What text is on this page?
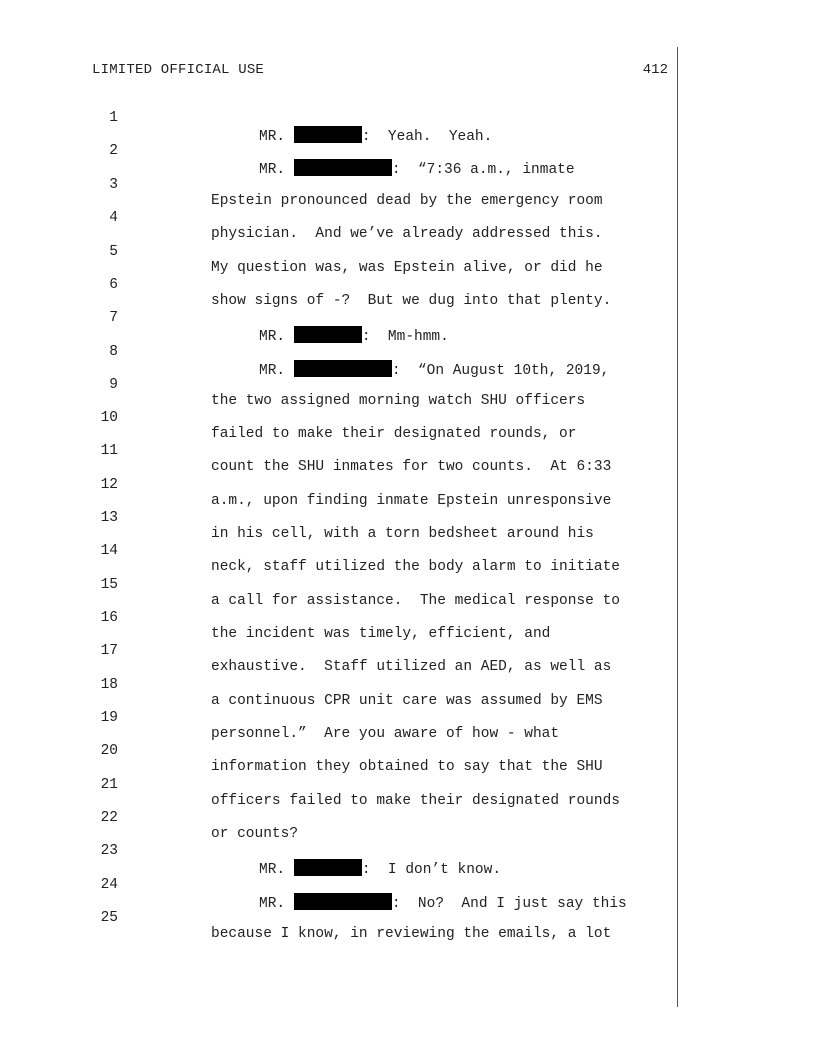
LIMITED OFFICIAL USE	412

1

MR.	:  Yeah.  Yeah.

2

MR.	:  “7:36 a.m., inmate

3

Epstein pronounced dead by the emergency room

4

physician.  And we’ve already addressed this.

5

My question was, was Epstein alive, or did he

6

show signs of -?  But we dug into that plenty.

7

MR.	:  Mm-hmm.

8

MR.	:  “On August 10th, 2019,

9

the two assigned morning watch SHU officers

10

failed to make their designated rounds, or

11

count the SHU inmates for two counts.  At 6:33

12

a.m., upon finding inmate Epstein unresponsive

13

in his cell, with a torn bedsheet around his

14

neck, staff utilized the body alarm to initiate

15

a call for assistance.  The medical response to

16

the incident was timely, efficient, and

17

exhaustive.  Staff utilized an AED, as well as

18

a continuous CPR unit care was assumed by EMS

19

personnel.”  Are you aware of how - what

20

information they obtained to say that the SHU

21

officers failed to make their designated rounds

22

or counts?

23

MR.	:  I don’t know.

24

MR.	:  No?  And I just say this

25

because I know, in reviewing the emails, a lot
